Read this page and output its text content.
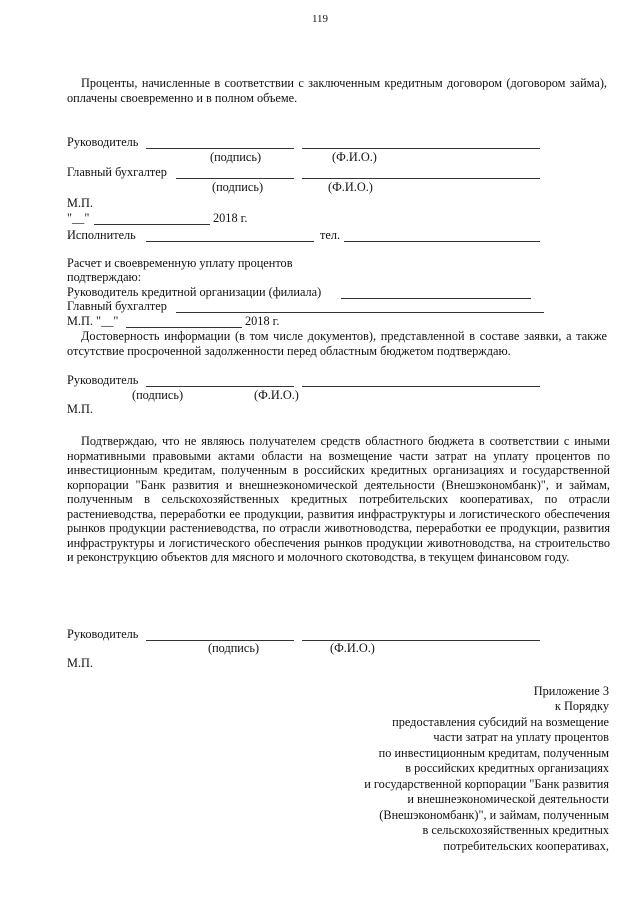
119
Проценты, начисленные в соответствии с заключенным кредитным договором (договором займа), оплачены своевременно и в полном объеме.
Руководитель
(подпись)	(Ф.И.О.)
Главный бухгалтер
(подпись)	(Ф.И.О.)
М.П.
"__"	2018 г.
Исполнитель	тел.
Расчет и своевременную уплату процентов
подтверждаю:
Руководитель кредитной организации (филиала)
Главный бухгалтер
М.П. "__"	2018 г.
Достоверность информации (в том числе документов), представленной в составе заявки, а также отсутствие просроченной задолженности перед областным бюджетом подтверждаю.
Руководитель
(подпись)	(Ф.И.О.)
М.П.
Подтверждаю, что не являюсь получателем средств областного бюджета в соответствии с иными нормативными правовыми актами области на возмещение части затрат на уплату процентов по инвестиционным кредитам, полученным в российских кредитных организациях и государственной корпорации "Банк развития и внешнеэкономической деятельности (Внешэкономбанк)", и займам, полученным в сельскохозяйственных кредитных потребительских кооперативах, по отрасли растениеводства, переработки ее продукции, развития инфраструктуры и логистического обеспечения рынков продукции растениеводства, по отрасли животноводства, переработки ее продукции, развития инфраструктуры и логистического обеспечения рынков продукции животноводства, на строительство и реконструкцию объектов для мясного и молочного скотоводства, в текущем финансовом году.
Руководитель
(подпись)	(Ф.И.О.)
М.П.
Приложение 3
к Порядку
предоставления субсидий на возмещение
части затрат на уплату процентов
по инвестиционным кредитам, полученным
в российских кредитных организациях
и государственной корпорации "Банк развития
и внешнеэкономической деятельности
(Внешэкономбанк)", и займам, полученным
в сельскохозяйственных кредитных
потребительских кооперативах,
